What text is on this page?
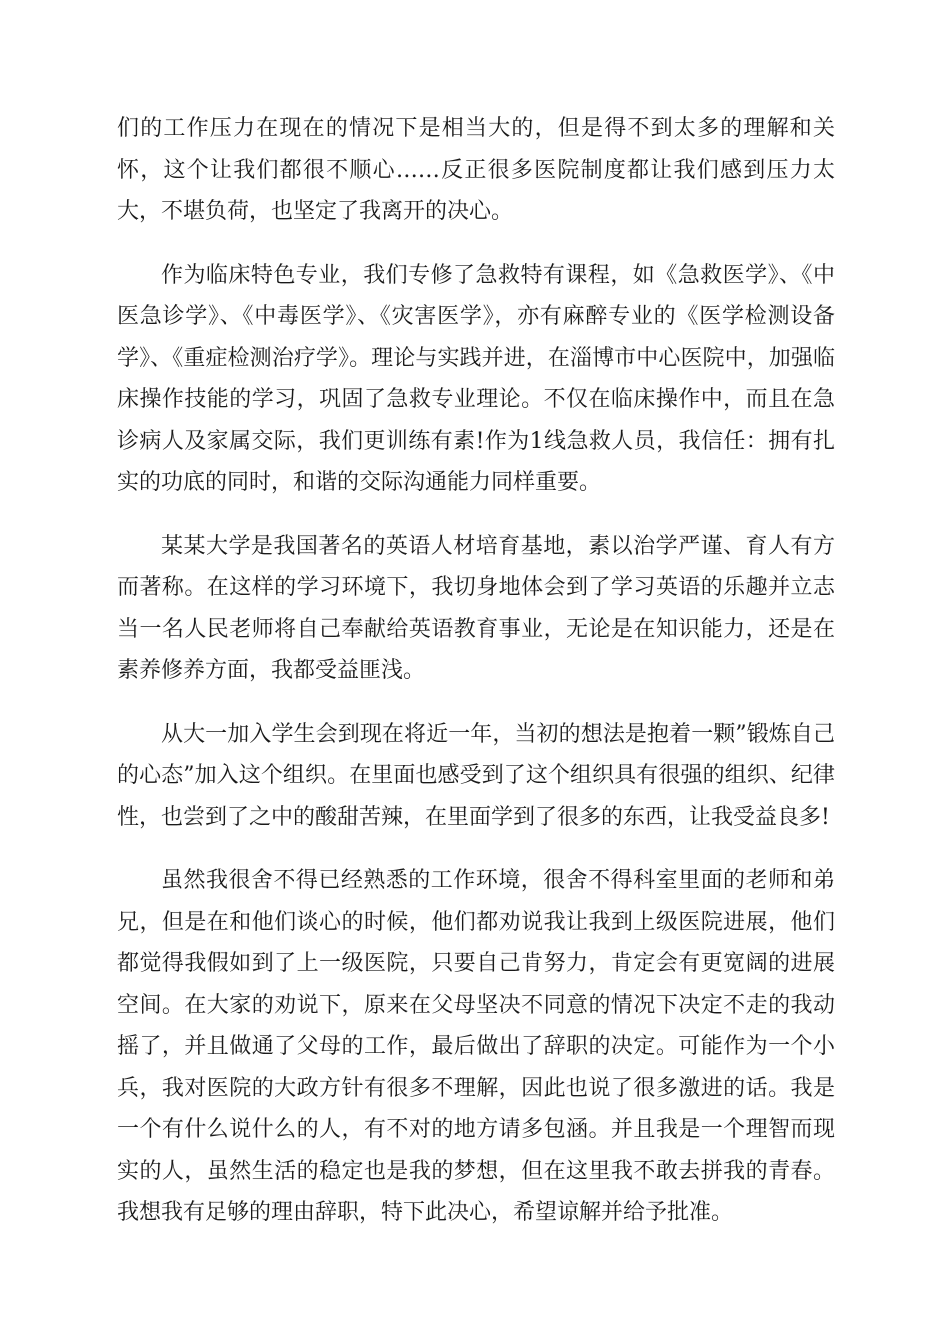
们的工作压力在现在的情况下是相当大的，但是得不到太多的理解和关怀，这个让我们都很不顺心……反正很多医院制度都让我们感到压力太大，不堪负荷，也坚定了我离开的决心。

作为临床特色专业，我们专修了急救特有课程，如《急救医学》、《中医急诊学》、《中毒医学》、《灾害医学》，亦有麻醉专业的《医学检测设备学》、《重症检测治疗学》。理论与实践并进，在淄博市中心医院中，加强临床操作技能的学习，巩固了急救专业理论。不仅在临床操作中，而且在急诊病人及家属交际，我们更训练有素!作为1线急救人员，我信任：拥有扎实的功底的同时，和谐的交际沟通能力同样重要。

某某大学是我国著名的英语人材培育基地，素以治学严谨、育人有方而著称。在这样的学习环境下，我切身地体会到了学习英语的乐趣并立志当一名人民老师将自己奉献给英语教育事业，无论是在知识能力，还是在素养修养方面，我都受益匪浅。

从大一加入学生会到现在将近一年，当初的想法是抱着一颗”锻炼自己的心态”加入这个组织。在里面也感受到了这个组织具有很强的组织、纪律性，也尝到了之中的酸甜苦辣，在里面学到了很多的东西，让我受益良多!

虽然我很舍不得已经熟悉的工作环境，很舍不得科室里面的老师和弟兄，但是在和他们谈心的时候，他们都劝说我让我到上级医院进展，他们都觉得我假如到了上一级医院，只要自己肯努力，肯定会有更宽阔的进展空间。在大家的劝说下，原来在父母坚决不同意的情况下决定不走的我动摇了，并且做通了父母的工作，最后做出了辞职的决定。可能作为一个小兵，我对医院的大政方针有很多不理解，因此也说了很多激进的话。我是一个有什么说什么的人，有不对的地方请多包涵。并且我是一个理智而现实的人，虽然生活的稳定也是我的梦想，但在这里我不敢去拼我的青春。我想我有足够的理由辞职，特下此决心，希望谅解并给予批准。
